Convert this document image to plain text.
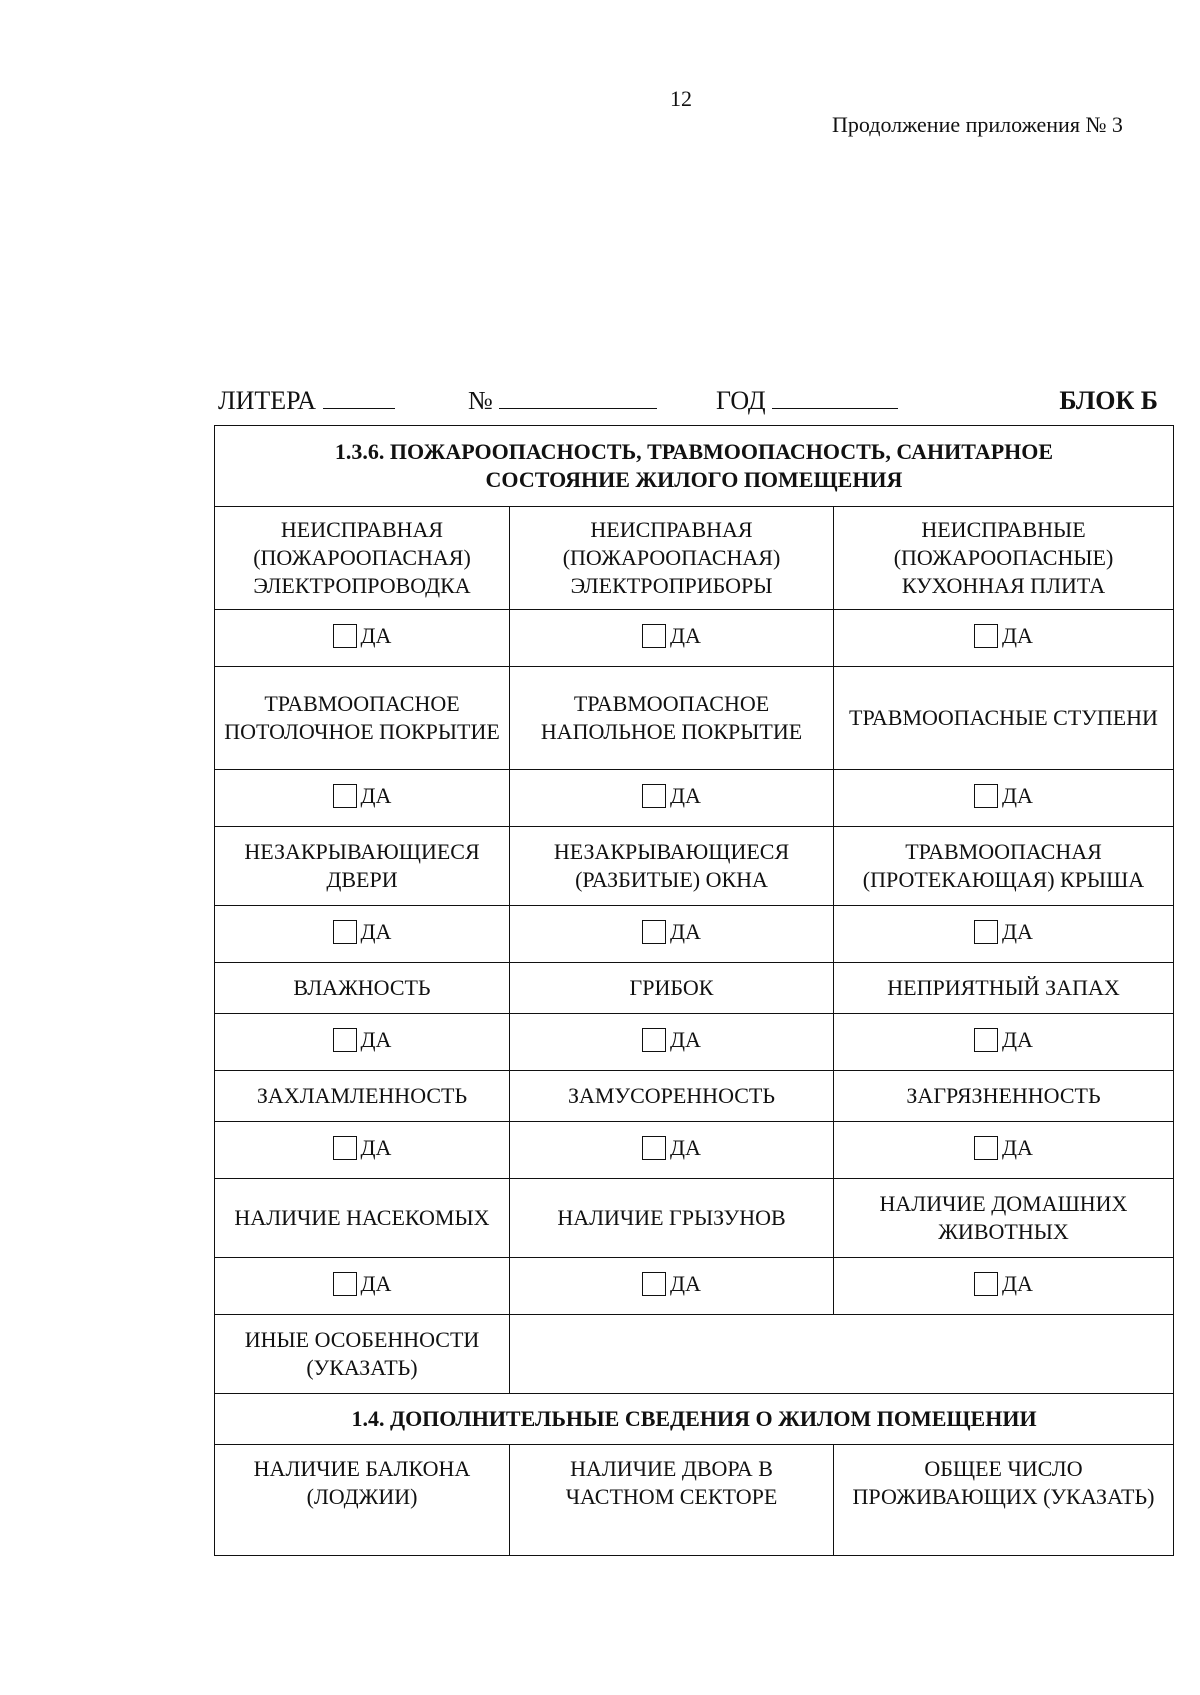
12
Продолжение приложения № 3
ЛИТЕРА	№	ГОД	БЛОК Б
1.3.6. ПОЖАРООПАСНОСТЬ, ТРАВМООПАСНОСТЬ, САНИТАРНОЕ
СОСТОЯНИЕ ЖИЛОГО ПОМЕЩЕНИЯ		

НЕИСПРАВНАЯ (ПОЖАРООПАСНАЯ) ЭЛЕКТРОПРОВОДКА	НЕИСПРАВНАЯ (ПОЖАРООПАСНАЯ) ЭЛЕКТРОПРИБОРЫ	НЕИСПРАВНЫЕ (ПОЖАРООПАСНЫЕ) КУХОННАЯ ПЛИТА

ДА	ДА	ДА

ТРАВМООПАСНОЕ ПОТОЛОЧНОЕ ПОКРЫТИЕ	ТРАВМООПАСНОЕ НАПОЛЬНОЕ ПОКРЫТИЕ	ТРАВМООПАСНЫЕ СТУПЕНИ

ДА	ДА	ДА

НЕЗАКРЫВАЮЩИЕСЯ ДВЕРИ	НЕЗАКРЫВАЮЩИЕСЯ (РАЗБИТЫЕ) ОКНА	ТРАВМООПАСНАЯ (ПРОТЕКАЮЩАЯ) КРЫША

ДА	ДА	ДА

ВЛАЖНОСТЬ	ГРИБОК	НЕПРИЯТНЫЙ ЗАПАХ

ДА	ДА	ДА

ЗАХЛАМЛЕННОСТЬ	ЗАМУСОРЕННОСТЬ	ЗАГРЯЗНЕННОСТЬ

ДА	ДА	ДА

НАЛИЧИЕ НАСЕКОМЫХ	НАЛИЧИЕ ГРЫЗУНОВ	НАЛИЧИЕ ДОМАШНИХ ЖИВОТНЫХ

ДА	ДА	ДА

ИНЫЕ ОСОБЕННОСТИ (УКАЗАТЬ)		
1.4. ДОПОЛНИТЕЛЬНЫЕ СВЕДЕНИЯ О ЖИЛОМ ПОМЕЩЕНИИ		
НАЛИЧИЕ БАЛКОНА (ЛОДЖИИ)	НАЛИЧИЕ ДВОРА В ЧАСТНОМ СЕКТОРЕ	ОБЩЕЕ ЧИСЛО ПРОЖИВАЮЩИХ (УКАЗАТЬ)
